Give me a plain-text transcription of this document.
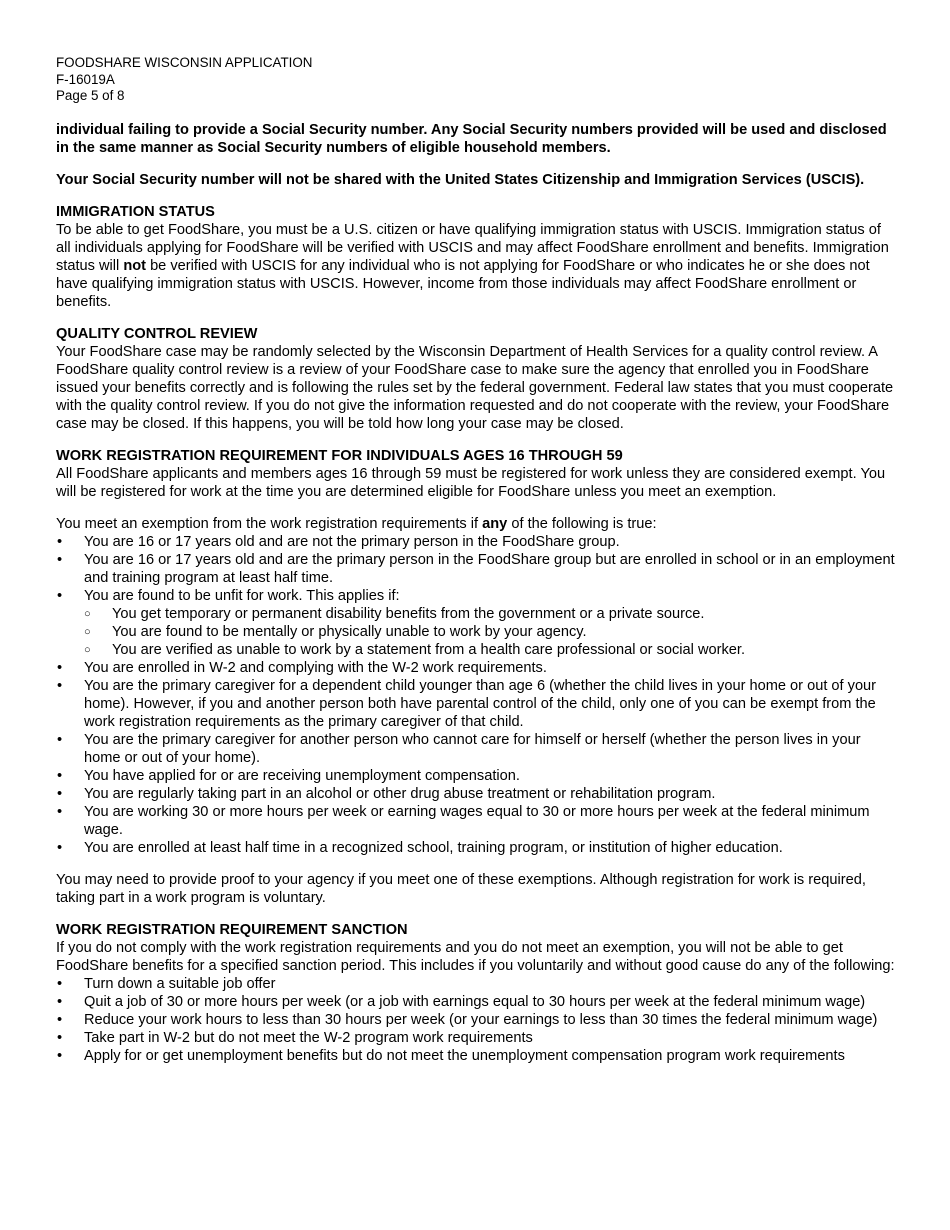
FOODSHARE WISCONSIN APPLICATION
F-16019A
Page 5 of 8

individual failing to provide a Social Security number. Any Social Security numbers provided will be used and disclosed in the same manner as Social Security numbers of eligible household members.

Your Social Security number will not be shared with the United States Citizenship and Immigration Services (USCIS).

IMMIGRATION STATUS

To be able to get FoodShare, you must be a U.S. citizen or have qualifying immigration status with USCIS. Immigration status of all individuals applying for FoodShare will be verified with USCIS and may affect FoodShare enrollment and benefits. Immigration status will not be verified with USCIS for any individual who is not applying for FoodShare or who indicates he or she does not have qualifying immigration status with USCIS. However, income from those individuals may affect FoodShare enrollment or benefits.

QUALITY CONTROL REVIEW

Your FoodShare case may be randomly selected by the Wisconsin Department of Health Services for a quality control review. A FoodShare quality control review is a review of your FoodShare case to make sure the agency that enrolled you in FoodShare issued your benefits correctly and is following the rules set by the federal government. Federal law states that you must cooperate with the quality control review. If you do not give the information requested and do not cooperate with the review, your FoodShare case may be closed. If this happens, you will be told how long your case may be closed.

WORK REGISTRATION REQUIREMENT FOR INDIVIDUALS AGES 16 THROUGH 59

All FoodShare applicants and members ages 16 through 59 must be registered for work unless they are considered exempt. You will be registered for work at the time you are determined eligible for FoodShare unless you meet an exemption.

You meet an exemption from the work registration requirements if any of the following is true:

• You are 16 or 17 years old and are not the primary person in the FoodShare group.
• You are 16 or 17 years old and are the primary person in the FoodShare group but are enrolled in school or in an employment and training program at least half time.
• You are found to be unfit for work. This applies if:
○ You get temporary or permanent disability benefits from the government or a private source.
○ You are found to be mentally or physically unable to work by your agency.
○ You are verified as unable to work by a statement from a health care professional or social worker.
• You are enrolled in W-2 and complying with the W-2 work requirements.
• You are the primary caregiver for a dependent child younger than age 6 (whether the child lives in your home or out of your home). However, if you and another person both have parental control of the child, only one of you can be exempt from the work registration requirements as the primary caregiver of that child.
• You are the primary caregiver for another person who cannot care for himself or herself (whether the person lives in your home or out of your home).
• You have applied for or are receiving unemployment compensation.
• You are regularly taking part in an alcohol or other drug abuse treatment or rehabilitation program.
• You are working 30 or more hours per week or earning wages equal to 30 or more hours per week at the federal minimum wage.
• You are enrolled at least half time in a recognized school, training program, or institution of higher education.

You may need to provide proof to your agency if you meet one of these exemptions. Although registration for work is required, taking part in a work program is voluntary.

WORK REGISTRATION REQUIREMENT SANCTION

If you do not comply with the work registration requirements and you do not meet an exemption, you will not be able to get FoodShare benefits for a specified sanction period. This includes if you voluntarily and without good cause do any of the following:

• Turn down a suitable job offer
• Quit a job of 30 or more hours per week (or a job with earnings equal to 30 hours per week at the federal minimum wage)
• Reduce your work hours to less than 30 hours per week (or your earnings to less than 30 times the federal minimum wage)
• Take part in W-2 but do not meet the W-2 program work requirements
• Apply for or get unemployment benefits but do not meet the unemployment compensation program work requirements
